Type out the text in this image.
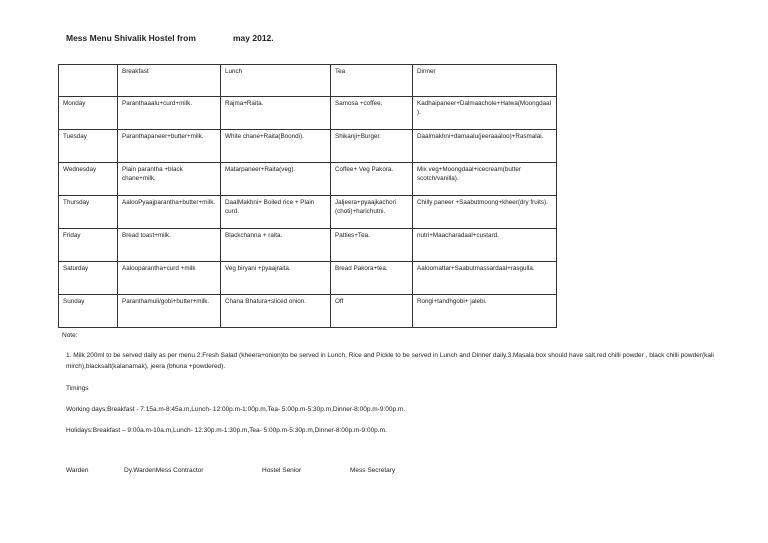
Mess Menu Shivalik Hostel from	may 2012.
	Breakfast	Lunch	Tea	Dinner
Monday	Paranthaaalu+curd+milk.	Rajma+Raita.	Samosa +coffee.	Kadhaipaneer+Dalmaachole+Halwa(Moongdaal).
Tuesday	Paranthapaneer+butter+milk.	White chane+Raita(Boondi).	Shikanji+Burger.	Daalmakhni+damaalu(jeeraaaloo)+Rasmalai.
Wednesday	Plain parantha +black chane+milk.	Matarpaneer+Raita(veg).	Coffee+ Veg Pakora.	Mix veg+Moongdaal+icecream(butter scotch/vanilla).
Thursday	AalooPyaajparantha+butter+milk.	DaalMakhni+ Boiled rice + Plain curd.	Jaljeera+pyaajkachori (choti)+harichutni.	Chilly paneer +Saabutmoong+kheer(dry fruits).
Friday	Bread toast+milk.	Blackchanna + raita.	Patties+Tea.	nutri+Maacharadaal+custard.
Saturday	Aalooparantha+curd +milk	Veg biryani +pyaajraita.	Bread Pakora+tea.	Aaloomattar+Saabutmassardaal+rasgulla.
Sunday	Paranthamuli/gobi+butter+milk.	Chana Bhatura+sliced onion.	Off	Rongi+tandhgobi+ jalebi.
Note:
1. Milk 200ml to be served daily as per menu.2.Fresh Salad (kheera+onion)to be served in Lunch, Rice and Pickle to be served in Lunch and Dinner daily.3.Masala box should have salt,red chilli powder , black chilli powder(kali mirch),blacksalt(kalanamak), jeera (bhuna +powdered).
Timings
Working days:Breakfast - 7:15a.m-8:45a.m,Lunch- 12:00p.m-1:00p.m,Tea- 5:00p.m-5:30p.m,Dinner-8:00p.m-9:00p.m.
Holidays:Breakfast – 9:00a.m-10a.m,Lunch- 12:30p.m-1:30p.m,Tea- 5:00p.m-5:30p.m,Dinner-8:00p.m-9:00p.m.
Warden	Dy.WardenMess Contractor	Hostel Senior	Mess Secretary
